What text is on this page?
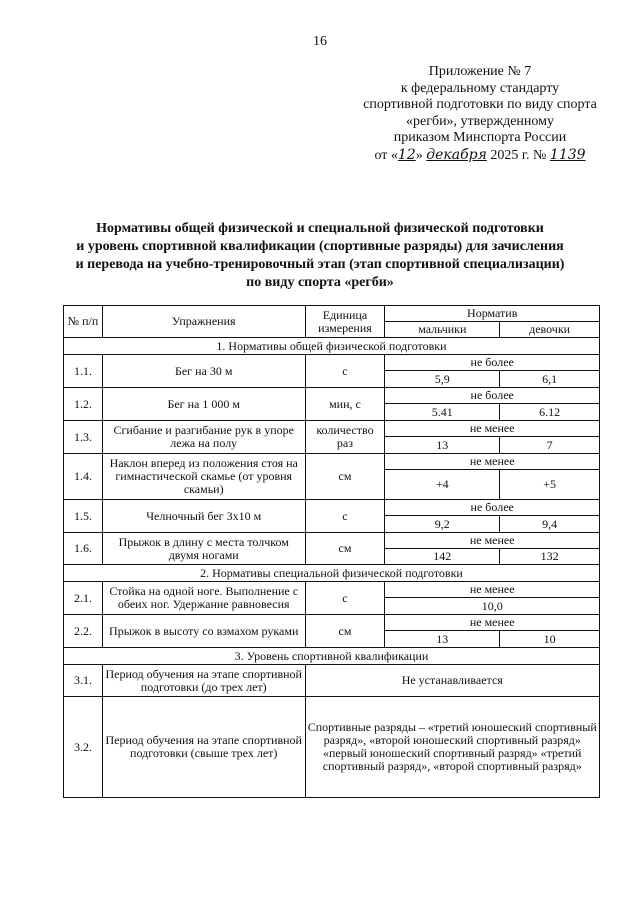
16
Приложение № 7
к федеральному стандарту
спортивной подготовки по виду спорта
«регби», утвержденному
приказом Минспорта России
от «12» декабря 2025 г. № 1139
Нормативы общей физической и специальной физической подготовки
и уровень спортивной квалификации (спортивные разряды) для зачисления
и перевода на учебно-тренировочный этап (этап спортивной специализации)
по виду спорта «регби»
№ п/п	Упражнения	Единица измерения	Норматив	
			мальчики	девочки
1. Нормативы общей физической подготовки				
1.1.	Бег на 30 м	с	не более	
			5,9	6,1
1.2.	Бег на 1 000 м	мин, с	не более	
			5.41	6.12
1.3.	Сгибание и разгибание рук в упоре лежа на полу	количество раз	не менее	
			13	7
1.4.	Наклон вперед из положения стоя на гимнастической скамье (от уровня скамьи)	см	не менее	
			+4	+5
1.5.	Челночный бег 3х10 м	с	не более	
			9,2	9,4
1.6.	Прыжок в длину с места толчком двумя ногами	см	не менее	
			142	132
2. Нормативы специальной физической подготовки				
2.1.	Стойка на одной ноге. Выполнение с обеих ног. Удержание равновесия	с	не менее	
			10,0	
2.2.	Прыжок в высоту со взмахом руками	см	не менее	
			13	10
3. Уровень спортивной квалификации				
3.1.	Период обучения на этапе спортивной подготовки (до трех лет)	Не устанавливается		
3.2.	Период обучения на этапе спортивной подготовки (свыше трех лет)	Спортивные разряды – «третий юношеский спортивный разряд», «второй юношеский спортивный разряд» «первый юношеский спортивный разряд» «третий спортивный разряд», «второй спортивный разряд»		
